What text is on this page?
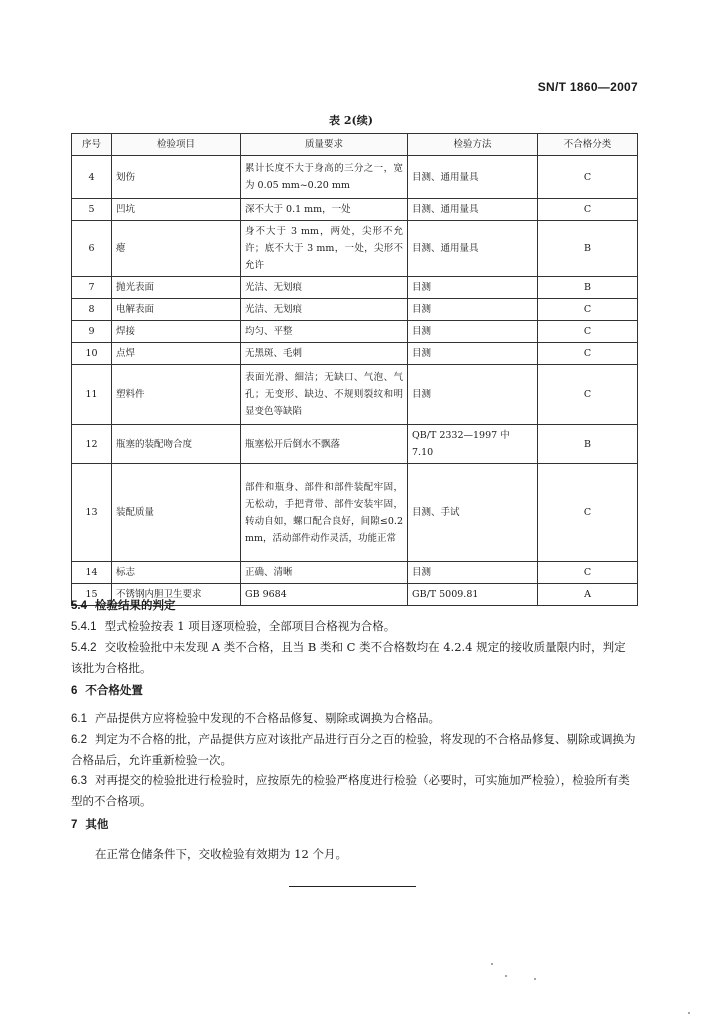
SN/T 1860—2007
表 2(续)
序号	检验项目	质量要求	检验方法	不合格分类
4	划伤	累计长度不大于身高的三分之一，宽为 0.05 mm~0.20 mm	目测、通用量具	C
5	凹坑	深不大于 0.1 mm，一处	目测、通用量具	C
6	瘪	身不大于 3 mm，两处，尖形不允许；底不大于 3 mm，一处，尖形不允许	目测、通用量具	B
7	抛光表面	光洁、无划痕	目测	B
8	电解表面	光洁、无划痕	目测	C
9	焊接	均匀、平整	目测	C
10	点焊	无黑斑、毛刺	目测	C
11	塑料件	表面光滑、細洁；无缺口、气泡、气孔；无变形、缺边、不规则裂纹和明显变色等缺陷	目测	C
12	瓶塞的装配吻合度	瓶塞松开后倒水不飘落	QB/T 2332—1997 中 7.10	B
13	装配质量	部件和瓶身、部件和部件装配牢固，无松动，手把背带、部件安装牢固，转动自如，螺口配合良好，间隙≤0.2 mm，活动部件动作灵活，功能正常	目测、手试	C
14	标志	正确、清晰	目测	C
15	不锈钢内胆卫生要求	GB 9684	GB/T 5009.81	A

5.4 检验结果的判定

5.4.1 型式检验按表 1 项目逐项检验，全部项目合格视为合格。

5.4.2 交收检验批中未发现 A 类不合格，且当 B 类和 C 类不合格数均在 4.2.4 规定的接收质量限内时，判定该批为合格批。

6 不合格处置

6.1 产品提供方应将检验中发现的不合格品修复、剔除或调换为合格品。

6.2 判定为不合格的批，产品提供方应对该批产品进行百分之百的检验，将发现的不合格品修复、剔除或调换为合格品后，允许重新检验一次。

6.3 对再提交的检验批进行检验时，应按原先的检验严格度进行检验（必要时，可实施加严检验），检验所有类型的不合格项。

7 其他

在正常仓储条件下，交收检验有效期为 12 个月。
